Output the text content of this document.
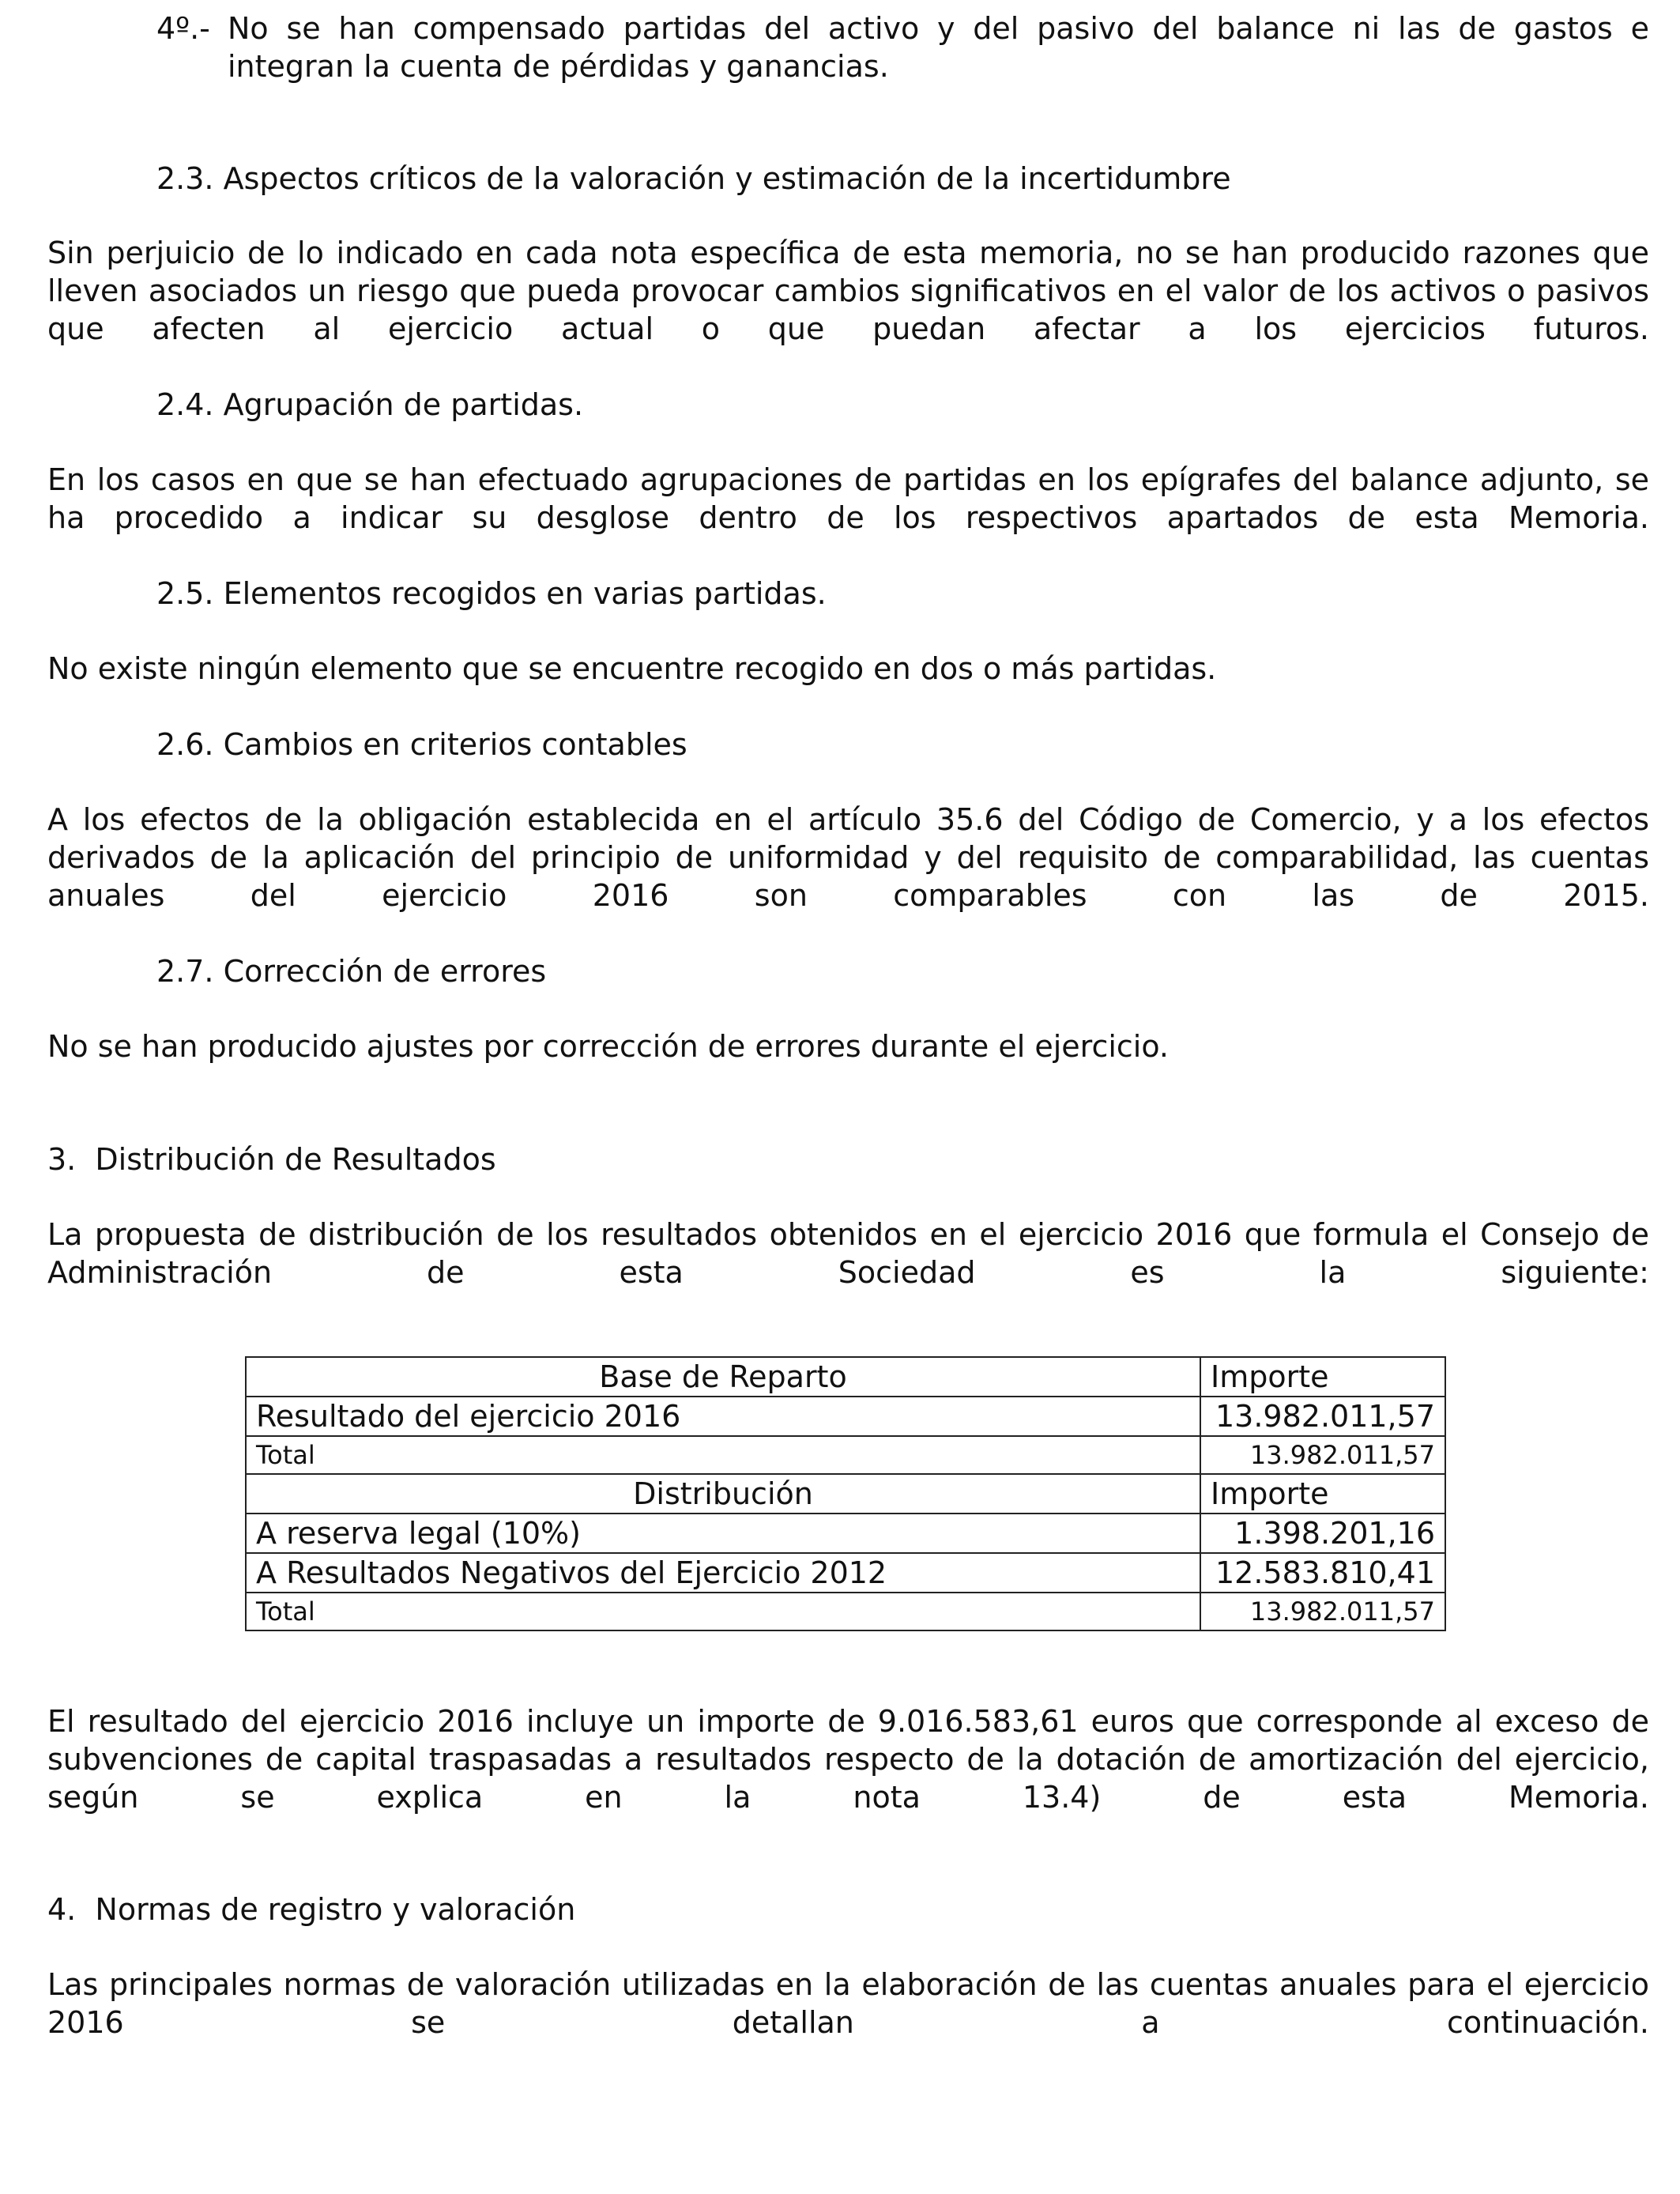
4º.- No se han compensado partidas del activo y del pasivo del balance ni las de gastos e
integran la cuenta de pérdidas y ganancias.
2.3. Aspectos críticos de la valoración y estimación de la incertidumbre
Sin perjuicio de lo indicado en cada nota específica de esta memoria, no se han producido razones que lleven asociados un riesgo que pueda provocar cambios significativos en el valor de los activos o pasivos que afecten al ejercicio actual o que puedan afectar a los ejercicios futuros.
2.4. Agrupación de partidas.
En los casos en que se han efectuado agrupaciones de partidas en los epígrafes del balance adjunto, se ha procedido a indicar su desglose dentro de los respectivos apartados de esta Memoria.
2.5. Elementos recogidos en varias partidas.
No existe ningún elemento que se encuentre recogido en dos o más partidas.
2.6. Cambios en criterios contables
A los efectos de la obligación establecida en el artículo 35.6 del Código de Comercio, y a los efectos derivados de la aplicación del principio de uniformidad y del requisito de comparabilidad, las cuentas anuales del ejercicio 2016 son comparables con las de 2015.
2.7. Corrección de errores
No se han producido ajustes por corrección de errores durante el ejercicio.
3.  Distribución de Resultados
La propuesta de distribución de los resultados obtenidos en el ejercicio 2016 que formula el Consejo de Administración de esta Sociedad es la siguiente:
Base de Reparto	Importe
Resultado del ejercicio 2016	13.982.011,57
Total	13.982.011,57
Distribución	Importe
A reserva legal (10%)	1.398.201,16
A Resultados Negativos del Ejercicio 2012	12.583.810,41
Total	13.982.011,57
El resultado del ejercicio 2016 incluye un importe de 9.016.583,61 euros que corresponde al exceso de subvenciones de capital traspasadas a resultados respecto de la dotación de amortización del ejercicio, según se explica en la nota 13.4) de esta Memoria.
4.  Normas de registro y valoración
Las principales normas de valoración utilizadas en la elaboración de las cuentas anuales para el ejercicio 2016 se detallan a continuación.
